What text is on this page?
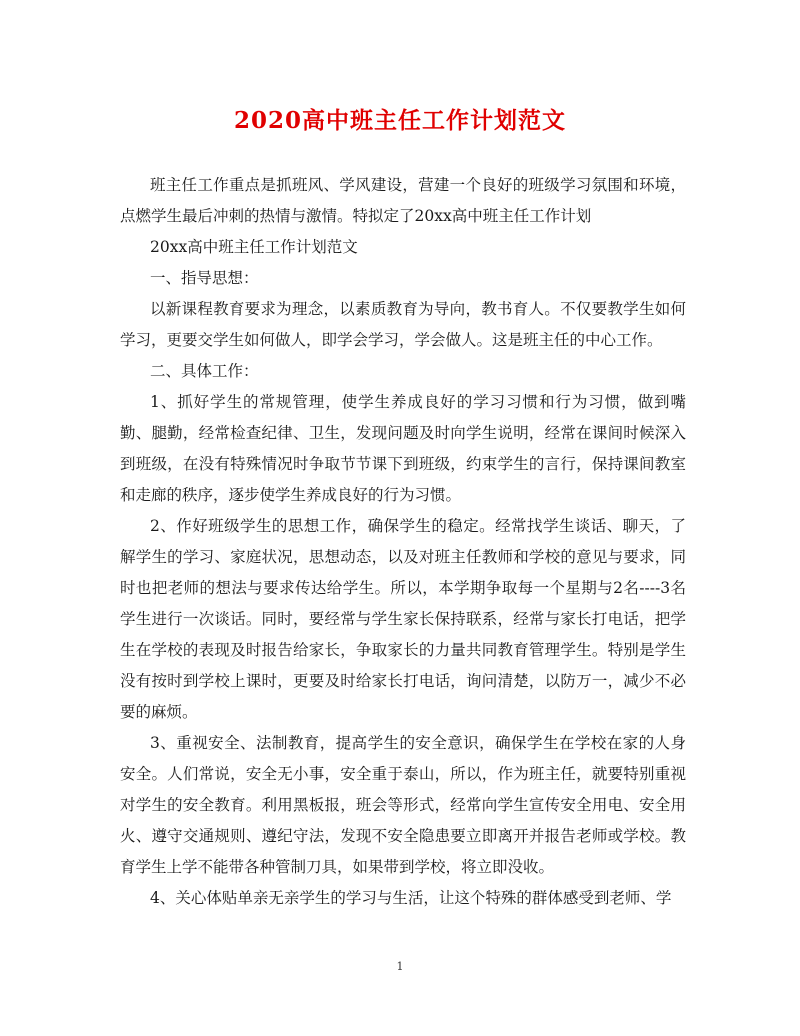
2020高中班主任工作计划范文

班主任工作重点是抓班风、学风建设，营建一个良好的班级学习氛围和环境，点燃学生最后冲刺的热情与激情。特拟定了20xx高中班主任工作计划

20xx高中班主任工作计划范文

一、指导思想：

以新课程教育要求为理念，以素质教育为导向，教书育人。不仅要教学生如何学习，更要交学生如何做人，即学会学习，学会做人。这是班主任的中心工作。

二、具体工作：

1、抓好学生的常规管理，使学生养成良好的学习习惯和行为习惯，做到嘴勤、腿勤，经常检查纪律、卫生，发现问题及时向学生说明，经常在课间时候深入到班级，在没有特殊情况时争取节节课下到班级，约束学生的言行，保持课间教室和走廊的秩序，逐步使学生养成良好的行为习惯。

2、作好班级学生的思想工作，确保学生的稳定。经常找学生谈话、聊天，了解学生的学习、家庭状况，思想动态，以及对班主任教师和学校的意见与要求，同时也把老师的想法与要求传达给学生。所以，本学期争取每一个星期与2名----3名学生进行一次谈话。同时，要经常与学生家长保持联系，经常与家长打电话，把学生在学校的表现及时报告给家长，争取家长的力量共同教育管理学生。特别是学生没有按时到学校上课时，更要及时给家长打电话，询问清楚，以防万一，减少不必要的麻烦。

3、重视安全、法制教育，提高学生的安全意识，确保学生在学校在家的人身安全。人们常说，安全无小事，安全重于泰山，所以，作为班主任，就要特别重视对学生的安全教育。利用黑板报，班会等形式，经常向学生宣传安全用电、安全用火、遵守交通规则、遵纪守法，发现不安全隐患要立即离开并报告老师或学校。教育学生上学不能带各种管制刀具，如果带到学校，将立即没收。

4、关心体贴单亲无亲学生的学习与生活，让这个特殊的群体感受到老师、学

1
